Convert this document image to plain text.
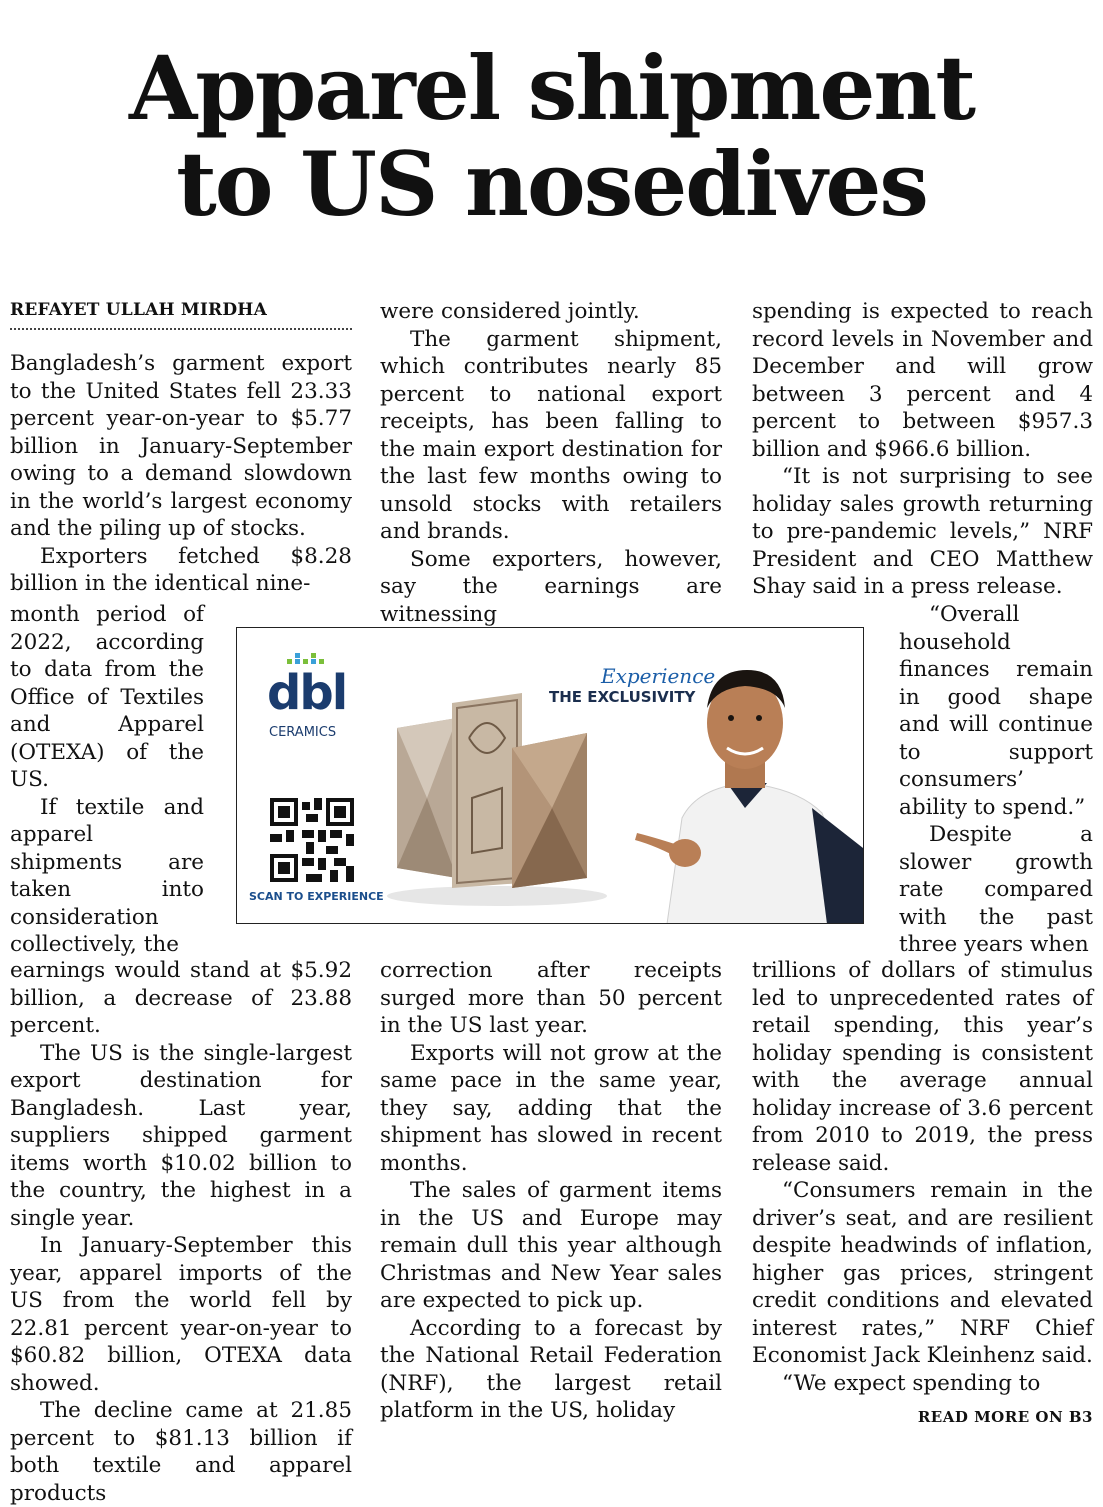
Apparel shipment
to US nosedives
REFAYET ULLAH MIRDHA

Bangladesh’s garment export to the United States fell 23.33 percent year-on-year to $5.77 billion in January-September owing to a demand slowdown in the world’s largest economy and the piling up of stocks.

Exporters fetched $8.28 billion in the identical nine-

month period of 2022, according to data from the Office of Textiles and Apparel (OTEXA) of the US.

If textile and apparel shipments are taken into consideration collectively, the

earnings would stand at $5.92 billion, a decrease of 23.88 percent.

The US is the single-largest export destination for Bangladesh. Last year, suppliers shipped garment items worth $10.02 billion to the country, the highest in a single year.

In January-September this year, apparel imports of the US from the world fell by 22.81 percent year-on-year to $60.82 billion, OTEXA data showed.

The decline came at 21.85 percent to $81.13 billion if both textile and apparel products

were considered jointly.

The garment shipment, which contributes nearly 85 percent to national export receipts, has been falling to the main export destination for the last few months owing to unsold stocks with retailers and brands.

Some exporters, however, say the earnings are witnessing

correction after receipts surged more than 50 percent in the US last year.

Exports will not grow at the same pace in the same year, they say, adding that the shipment has slowed in recent months.

The sales of garment items in the US and Europe may remain dull this year although Christmas and New Year sales are expected to pick up.

According to a forecast by the National Retail Federation (NRF), the largest retail platform in the US, holiday

spending is expected to reach record levels in November and December and will grow between 3 percent and 4 percent to between $957.3 billion and $966.6 billion.

“It is not surprising to see holiday sales growth returning to pre-pandemic levels,” NRF President and CEO Matthew Shay said in a press release.

“Overall household finances remain in good shape and will continue to support consumers’ ability to spend.”

Despite a slower growth rate compared with the past three years when

trillions of dollars of stimulus led to unprecedented rates of retail spending, this year’s holiday spending is consistent with the average annual holiday increase of 3.6 percent from 2010 to 2019, the press release said.

“Consumers remain in the driver’s seat, and are resilient despite headwinds of inflation, higher gas prices, stringent credit conditions and elevated interest rates,” NRF Chief Economist Jack Kleinhenz said.

“We expect spending to

READ MORE ON B3
dbl
CERAMICS
SCAN TO EXPERIENCE
Experience
THE EXCLUSIVITY
